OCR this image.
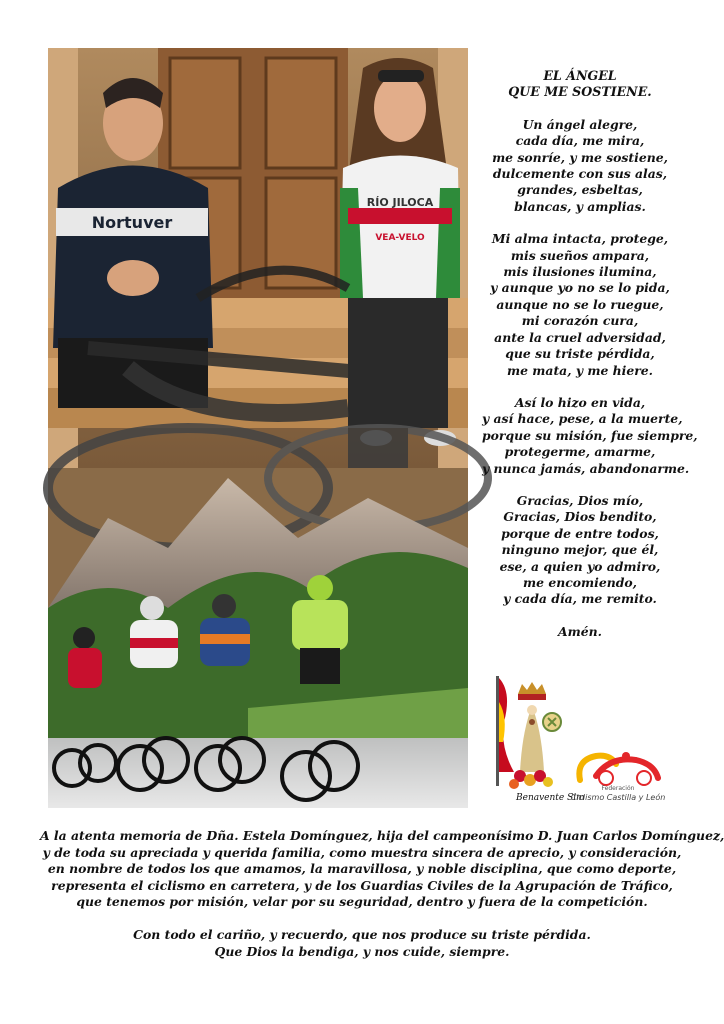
Nortuver
RÍO JILOCA
VEA-VELO
EL ÁNGEL
QUE ME SOSTIENE.
Un ángel alegre,
cada día, me mira,
me sonríe, y me sostiene,
dulcemente con sus alas,
grandes, esbeltas,
blancas, y amplias.
Mi alma intacta, protege,
mis sueños ampara,
mis ilusiones ilumina,
y aunque yo no se lo pida,
aunque no se lo ruegue,
mi corazón cura,
ante la cruel adversidad,
que su triste pérdida,
me mata, y me hiere.
Así lo hizo en vida,
y así hace, pese, a la muerte,
porque su misión, fue siempre,
protegerme, amarme,
y nunca jamás, abandonarme.
Gracias, Dios mío,
Gracias, Dios bendito,
porque de entre todos,
ninguno mejor, que él,
ese, a quien yo admiro,
me encomiendo,
y cada día, me remito.
Amén.
Benavente Sim
Federación
Ciclismo Castilla y León
A la atenta memoria de Dña. Estela Domínguez, hija del campeonísimo D. Juan Carlos Domínguez,
y de toda su apreciada y querida familia, como muestra sincera de aprecio, y consideración,
en nombre de todos los que amamos, la maravillosa, y noble disciplina, que como deporte,
representa el ciclismo en carretera, y de los Guardias Civiles de la Agrupación de Tráfico,
que tenemos por misión, velar por su seguridad, dentro y fuera de la competición.
Con todo el cariño, y recuerdo, que nos produce su triste pérdida.
Que Dios la bendiga, y nos cuide, siempre.
